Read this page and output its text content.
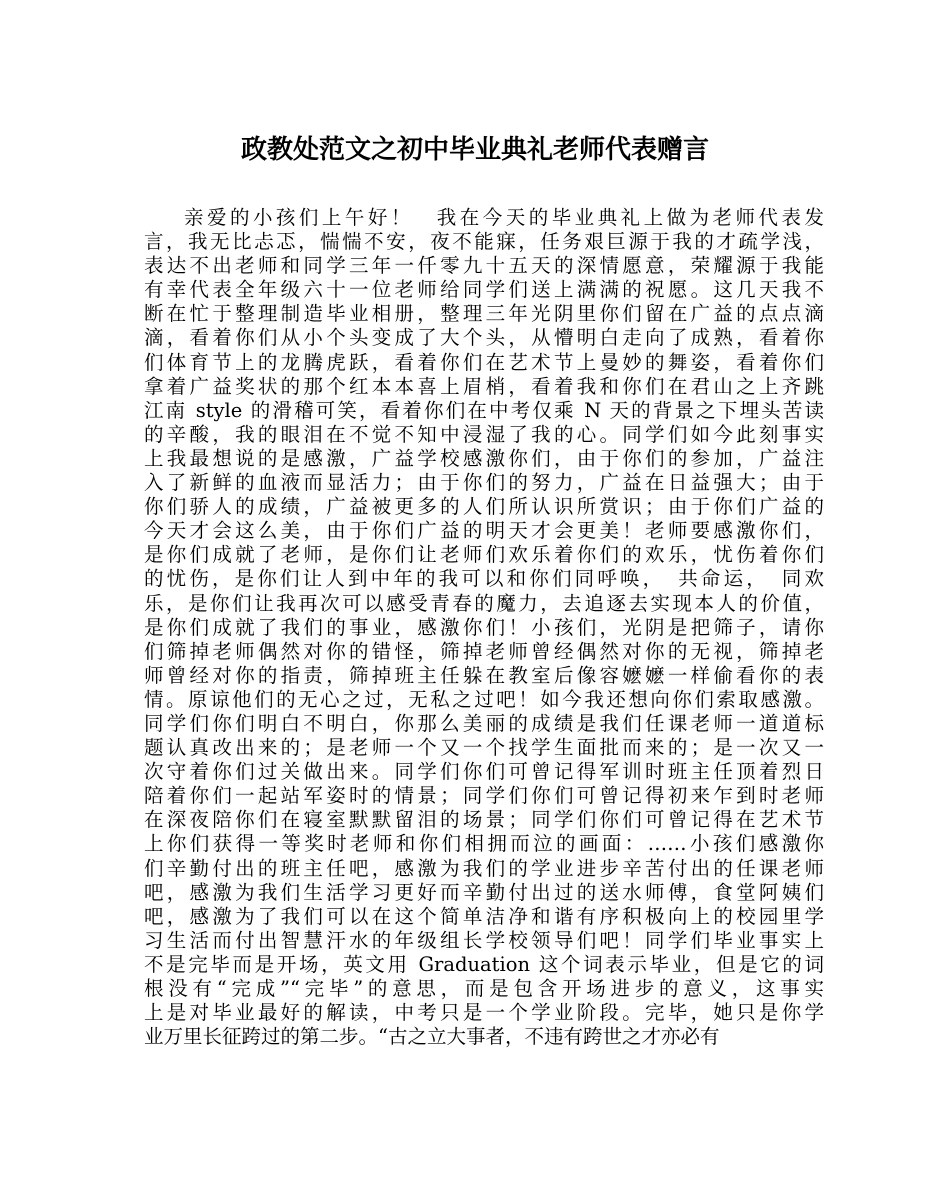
政教处范文之初中毕业典礼老师代表赠言
亲爱的小孩们上午好！　我在今天的毕业典礼上做为老师代表发
言，我无比忐忑，惴惴不安，夜不能寐，任务艰巨源于我的才疏学浅，
表达不出老师和同学三年一仟零九十五天的深情愿意，荣耀源于我能
有幸代表全年级六十一位老师给同学们送上满满的祝愿。这几天我不
断在忙于整理制造毕业相册，整理三年光阴里你们留在广益的点点滴
滴，看着你们从小个头变成了大个头，从懵明白走向了成熟，看着你
们体育节上的龙腾虎跃，看着你们在艺术节上曼妙的舞姿，看着你们
拿着广益奖状的那个红本本喜上眉梢，看着我和你们在君山之上齐跳
江南 style 的滑稽可笑，看着你们在中考仅乘 N 天的背景之下埋头苦读
的辛酸，我的眼泪在不觉不知中浸湿了我的心。同学们如今此刻事实
上我最想说的是感激，广益学校感激你们，由于你们的参加，广益注
入了新鲜的血液而显活力；由于你们的努力，广益在日益强大；由于
你们骄人的成绩，广益被更多的人们所认识所赏识；由于你们广益的
今天才会这么美，由于你们广益的明天才会更美！老师要感激你们，
是你们成就了老师，是你们让老师们欢乐着你们的欢乐，忧伤着你们
的忧伤，是你们让人到中年的我可以和你们同呼唤，　共命运，　同欢
乐，是你们让我再次可以感受青春的魔力，去追逐去实现本人的价值，
是你们成就了我们的事业，感激你们！小孩们，光阴是把筛子，请你
们筛掉老师偶然对你的错怪，筛掉老师曾经偶然对你的无视，筛掉老
师曾经对你的指责，筛掉班主任躲在教室后像容嬷嬷一样偷看你的表
情。原谅他们的无心之过，无私之过吧！如今我还想向你们索取感激。
同学们你们明白不明白，你那么美丽的成绩是我们任课老师一道道标
题认真改出来的；是老师一个又一个找学生面批而来的；是一次又一
次守着你们过关做出来。同学们你们可曾记得军训时班主任顶着烈日
陪着你们一起站军姿时的情景；同学们你们可曾记得初来乍到时老师
在深夜陪你们在寝室默默留泪的场景；同学们你们可曾记得在艺术节
上你们获得一等奖时老师和你们相拥而泣的画面：……小孩们感激你
们辛勤付出的班主任吧，感激为我们的学业进步辛苦付出的任课老师
吧，感激为我们生活学习更好而辛勤付出过的送水师傅，食堂阿姨们
吧，感激为了我们可以在这个简单洁净和谐有序积极向上的校园里学
习生活而付出智慧汗水的年级组长学校领导们吧！同学们毕业事实上
不是完毕而是开场，英文用 Graduation 这个词表示毕业，但是它的词
根没有“完成”“完毕”的意思，而是包含开场进步的意义，这事实
上是对毕业最好的解读，中考只是一个学业阶段。完毕，她只是你学
业万里长征跨过的第二步。“古之立大事者，不违有跨世之才亦必有
